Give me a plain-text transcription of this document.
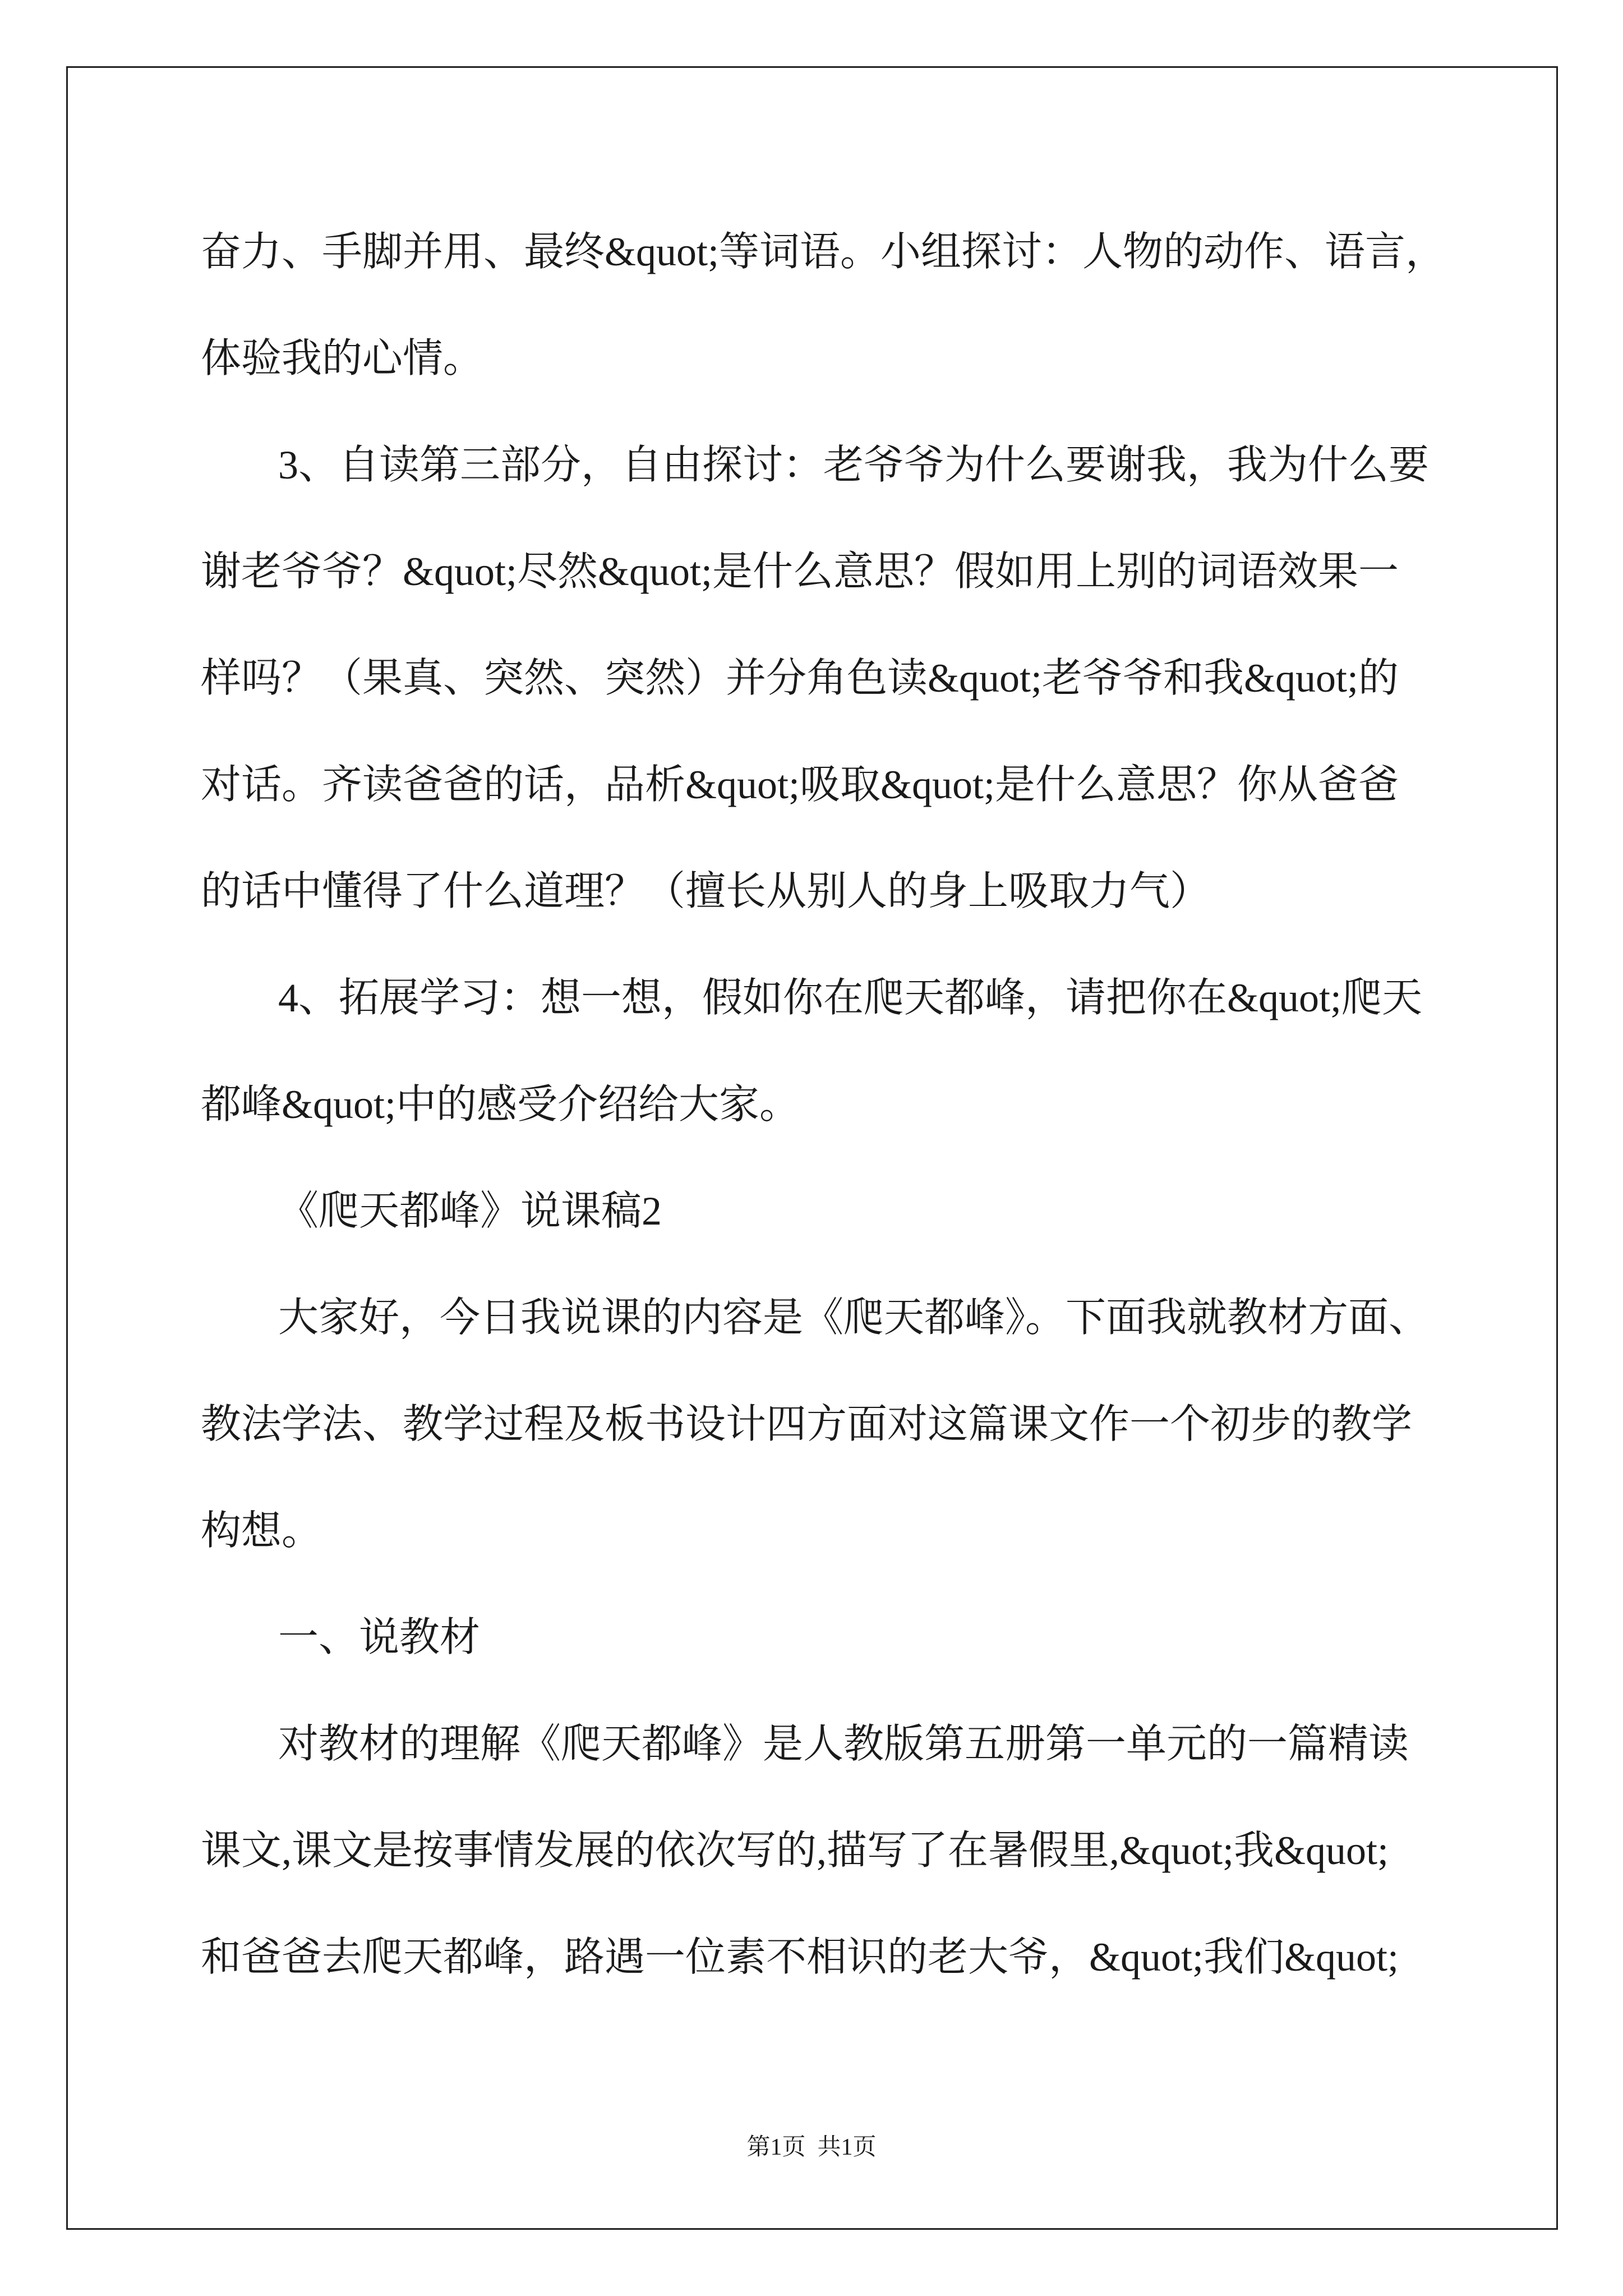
奋力、手脚并用、最终&quot;等词语。小组探讨：人物的动作、语言，
体验我的心情。
3、自读第三部分，自由探讨：老爷爷为什么要谢我，我为什么要
谢老爷爷？&quot;尽然&quot;是什么意思？假如用上别的词语效果一
样吗？（果真、突然、突然）并分角色读&quot;老爷爷和我&quot;的
对话。齐读爸爸的话，品析&quot;吸取&quot;是什么意思？你从爸爸
的话中懂得了什么道理？（擅长从别人的身上吸取力气）
4、拓展学习：想一想，假如你在爬天都峰，请把你在&quot;爬天
都峰&quot;中的感受介绍给大家。
《爬天都峰》说课稿2
大家好，今日我说课的内容是《爬天都峰》。下面我就教材方面、
教法学法、教学过程及板书设计四方面对这篇课文作一个初步的教学
构想。
一、说教材
对教材的理解《爬天都峰》是人教版第五册第一单元的一篇精读
课文,课文是按事情发展的依次写的,描写了在暑假里,&quot;我&quot;
和爸爸去爬天都峰，路遇一位素不相识的老大爷，&quot;我们&quot;
第1页  共1页
